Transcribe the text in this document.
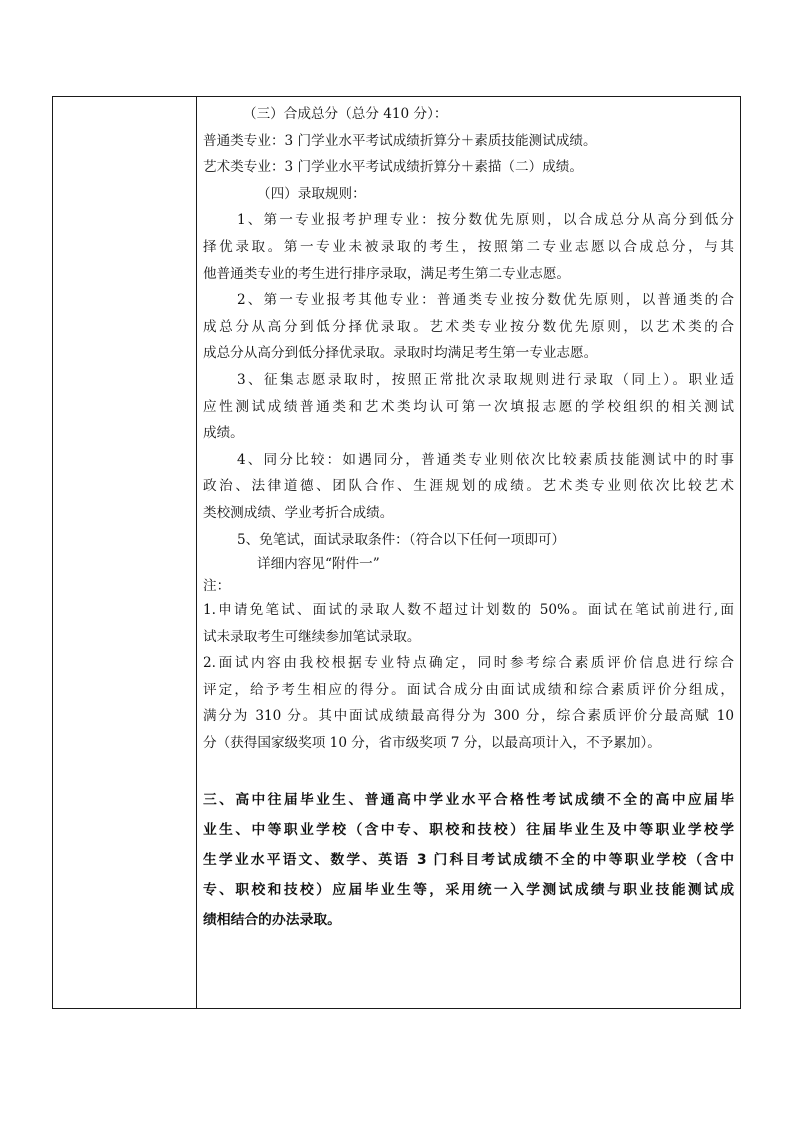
（三）合成总分（总分 410 分）：
普通类专业：3 门学业水平考试成绩折算分＋素质技能测试成绩。
艺术类专业：3 门学业水平考试成绩折算分＋素描（二）成绩。
（四）录取规则：
1、第一专业报考护理专业：按分数优先原则，以合成总分从高分到低分
择优录取。第一专业未被录取的考生，按照第二专业志愿以合成总分，与其
他普通类专业的考生进行排序录取，满足考生第二专业志愿。
2、第一专业报考其他专业：普通类专业按分数优先原则，以普通类的合
成总分从高分到低分择优录取。艺术类专业按分数优先原则，以艺术类的合
成总分从高分到低分择优录取。录取时均满足考生第一专业志愿。
3、征集志愿录取时，按照正常批次录取规则进行录取（同上）。职业适
应性测试成绩普通类和艺术类均认可第一次填报志愿的学校组织的相关测试
成绩。
4、同分比较：如遇同分，普通类专业则依次比较素质技能测试中的时事
政治、法律道德、团队合作、生涯规划的成绩。艺术类专业则依次比较艺术
类校测成绩、学业考折合成绩。
5、免笔试，面试录取条件：（符合以下任何一项即可）
详细内容见“附件一”
注：
1.申请免笔试、面试的录取人数不超过计划数的 50%。面试在笔试前进行,面
试未录取考生可继续参加笔试录取。
2.面试内容由我校根据专业特点确定，同时参考综合素质评价信息进行综合
评定，给予考生相应的得分。面试合成分由面试成绩和综合素质评价分组成，
满分为 310 分。其中面试成绩最高得分为 300 分，综合素质评价分最高赋 10
分（获得国家级奖项 10 分，省市级奖项 7 分，以最高项计入，不予累加）。
三、高中往届毕业生、普通高中学业水平合格性考试成绩不全的高中应届毕
业生、中等职业学校（含中专、职校和技校）往届毕业生及中等职业学校学
生学业水平语文、数学、英语 3 门科目考试成绩不全的中等职业学校（含中
专、职校和技校）应届毕业生等，采用统一入学测试成绩与职业技能测试成
绩相结合的办法录取。
